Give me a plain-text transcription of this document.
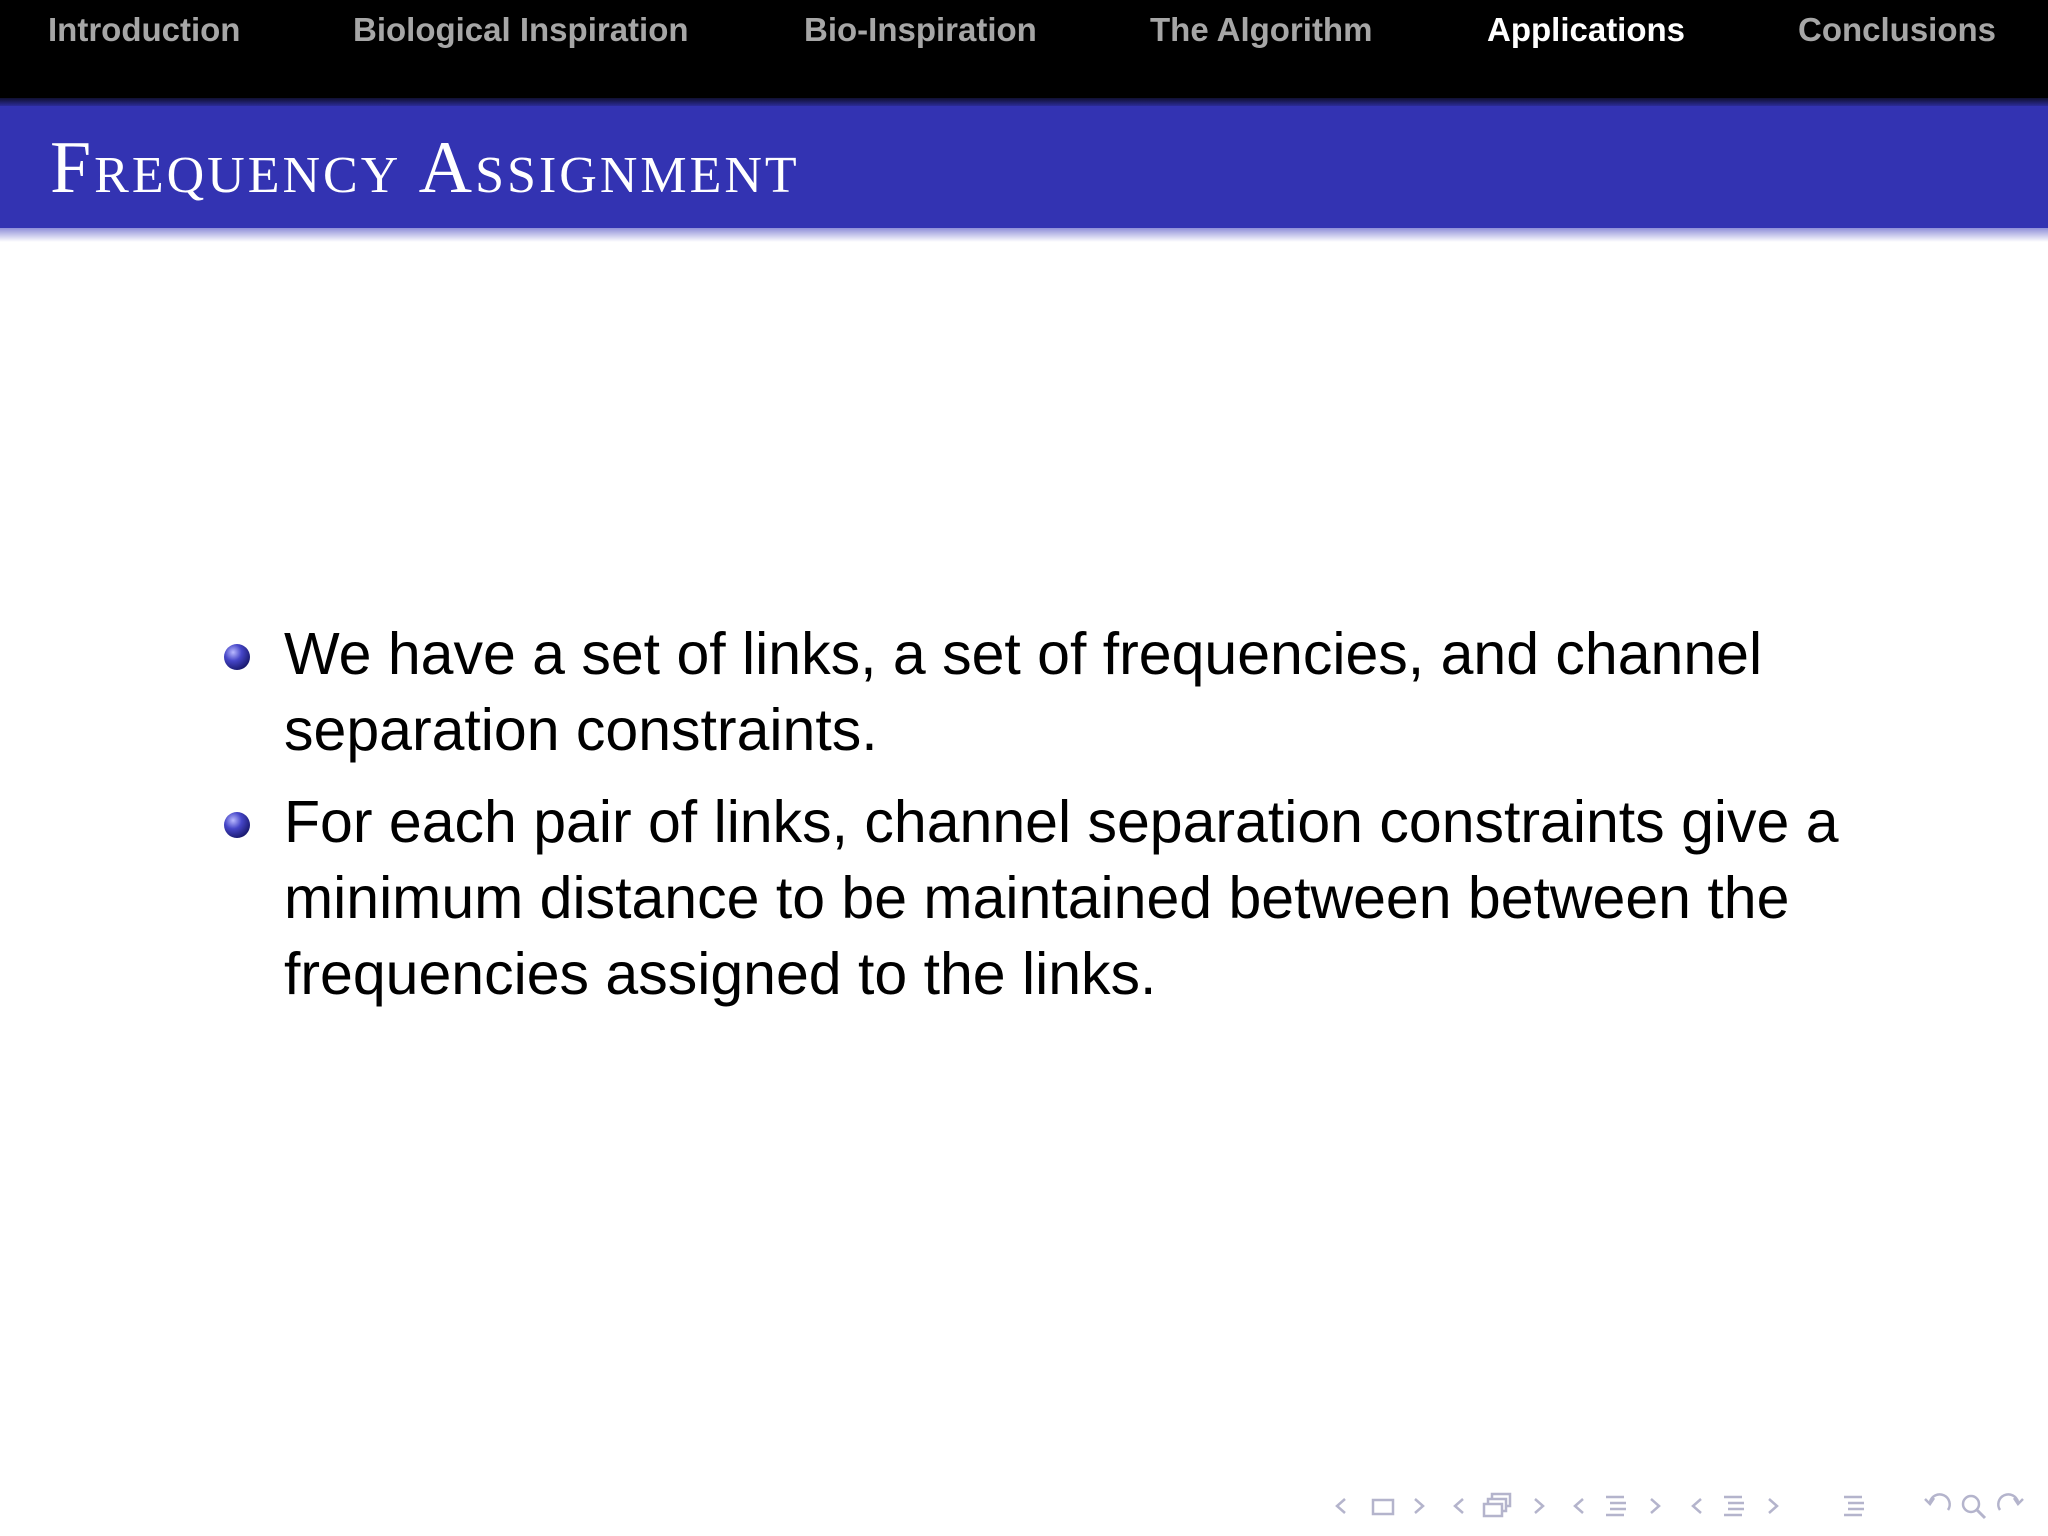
Introduction	Biological Inspiration	Bio-Inspiration	The Algorithm	Applications	Conclusions
Frequency Assignment
We have a set of links, a set of frequencies, and channel separation constraints.
For each pair of links, channel separation constraints give a minimum distance to be maintained between between the frequencies assigned to the links.
